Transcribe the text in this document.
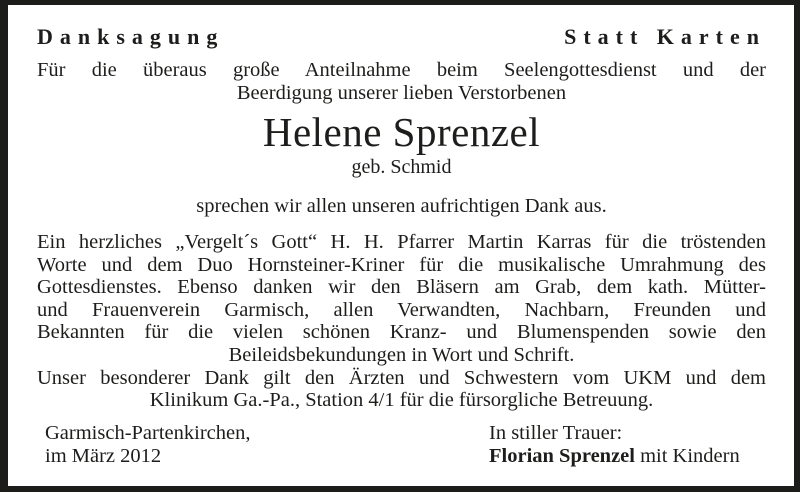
Danksagung	Statt Karten
Für die überaus große Anteilnahme beim Seelengottesdienst und der
Beerdigung unserer lieben Verstorbenen
Helene Sprenzel
geb. Schmid
sprechen wir allen unseren aufrichtigen Dank aus.
Ein herzliches „Vergelt´s Gott“ H. H. Pfarrer Martin Karras für die tröstenden
Worte und dem Duo Hornsteiner-Kriner für die musikalische Umrahmung des
Gottesdienstes. Ebenso danken wir den Bläsern am Grab, dem kath. Mütter-
und Frauenverein Garmisch, allen Verwandten, Nachbarn, Freunden und
Bekannten für die vielen schönen Kranz- und Blumenspenden sowie den
Beileidsbekundungen in Wort und Schrift.
Unser besonderer Dank gilt den Ärzten und Schwestern vom UKM und dem
Klinikum Ga.-Pa., Station 4/1 für die fürsorgliche Betreuung.
Garmisch-Partenkirchen,
im März 2012
In stiller Trauer:
Florian Sprenzel mit Kindern
